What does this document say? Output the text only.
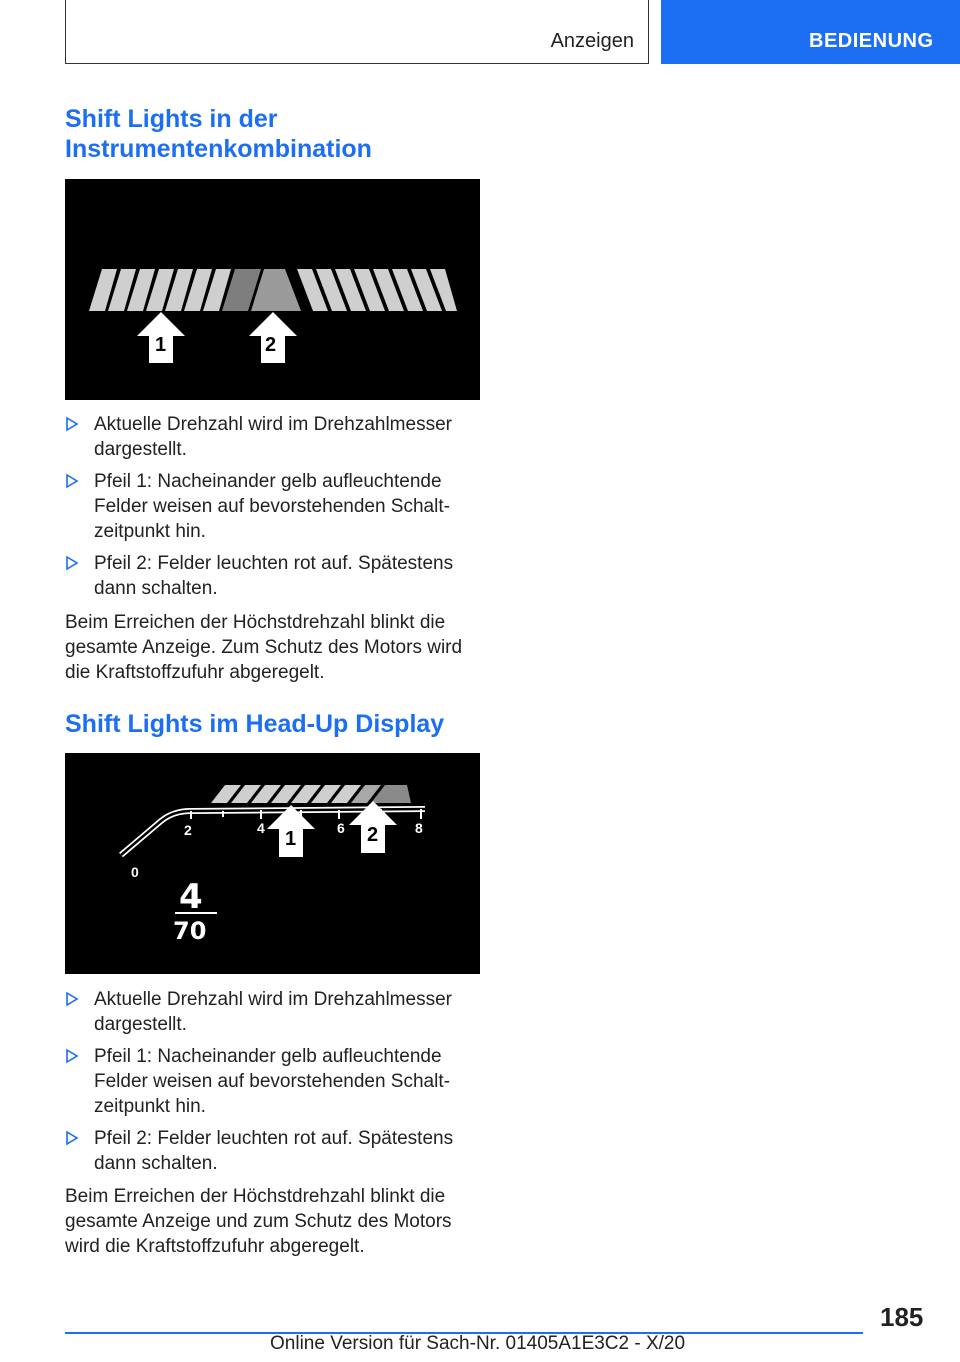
Anzeigen	BEDIENUNG
Shift Lights in der
Instrumentenkombination
1	2
Aktuelle Drehzahl wird im Drehzahlmesser dargestellt.
Pfeil 1: Nacheinander gelb aufleuchtende Felder weisen auf bevorstehenden Schalt‐ zeitpunkt hin.
Pfeil 2: Felder leuchten rot auf. Spätestens dann schalten.

Beim Erreichen der Höchstdrehzahl blinkt die gesamte Anzeige. Zum Schutz des Motors wird die Kraftstoffzufuhr abgeregelt.

Shift Lights im Head-Up Display
0
2	4	6	8
1	2
4
70
Aktuelle Drehzahl wird im Drehzahlmesser dargestellt.
Pfeil 1: Nacheinander gelb aufleuchtende Felder weisen auf bevorstehenden Schalt‐ zeitpunkt hin.
Pfeil 2: Felder leuchten rot auf. Spätestens dann schalten.

Beim Erreichen der Höchstdrehzahl blinkt die gesamte Anzeige und zum Schutz des Motors wird die Kraftstoffzufuhr abgeregelt.

185
Online Version für Sach-Nr. 01405A1E3C2 - X/20
